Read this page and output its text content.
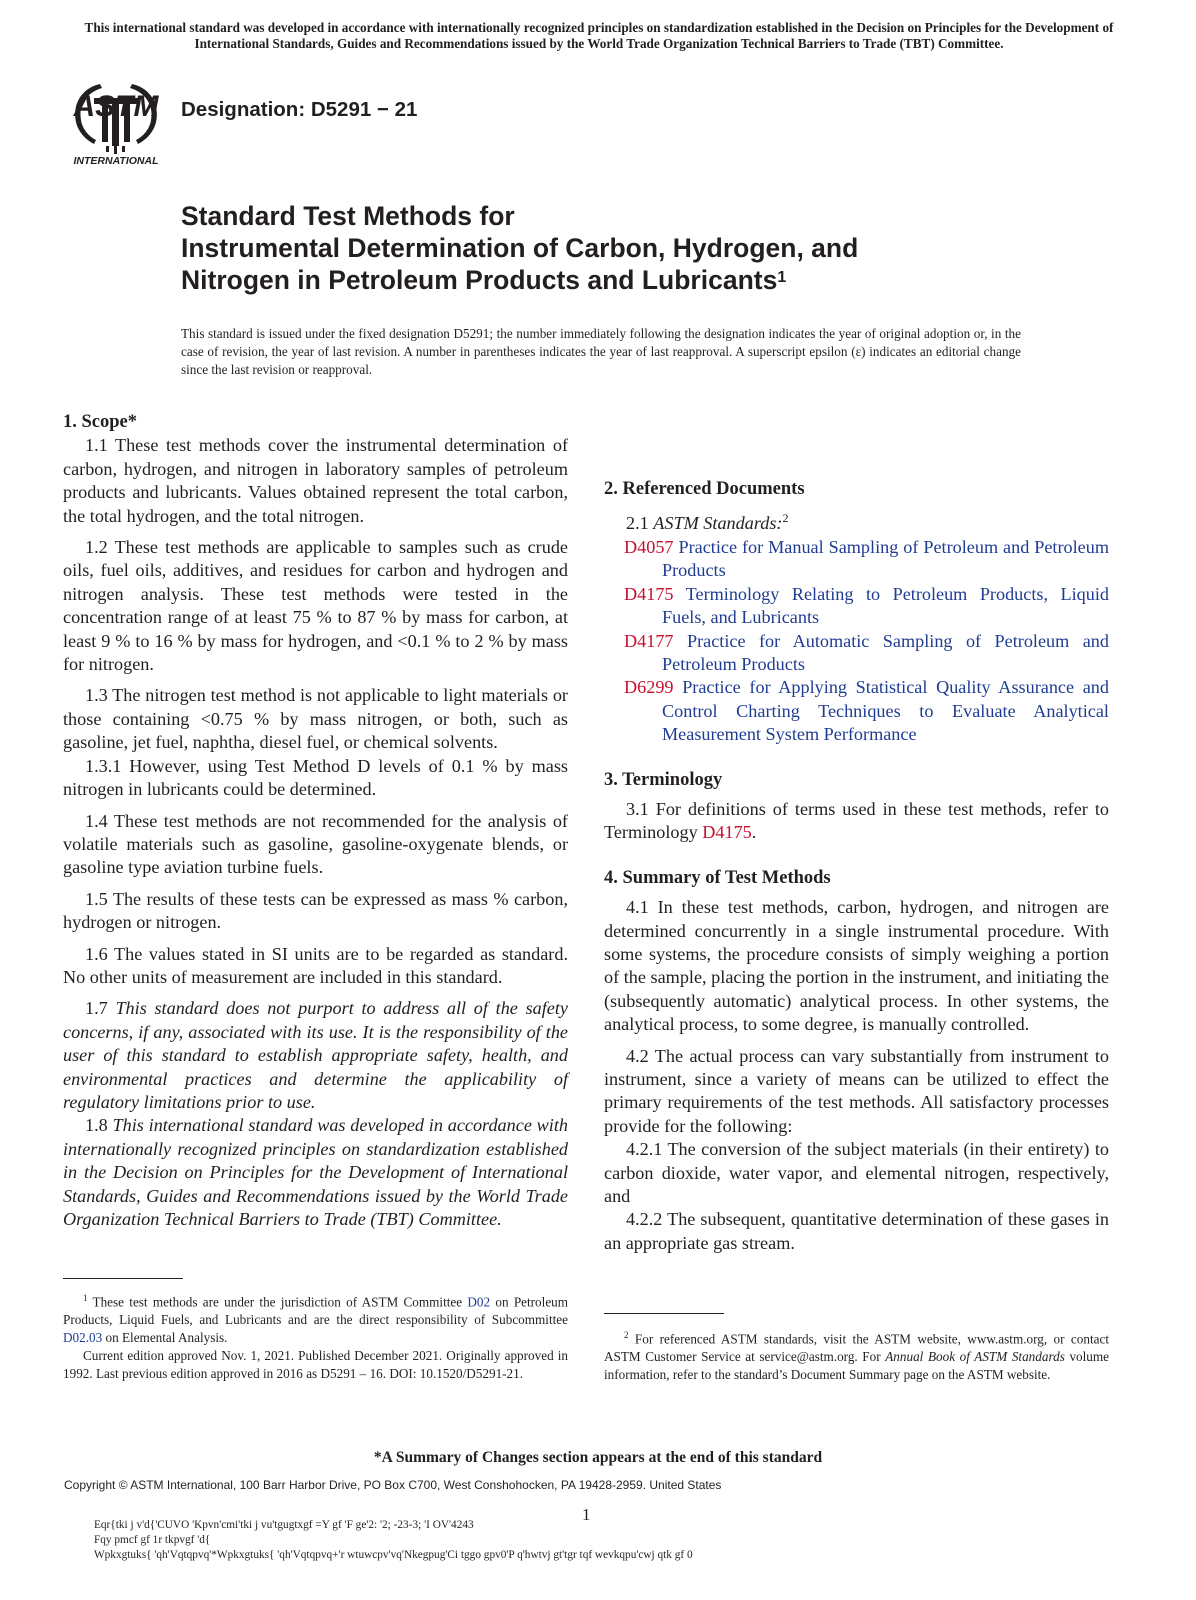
This international standard was developed in accordance with internationally recognized principles on standardization established in the Decision on Principles for the Development of International Standards, Guides and Recommendations issued by the World Trade Organization Technical Barriers to Trade (TBT) Committee.
ASTM
INTERNATIONAL
Designation: D5291 − 21
Standard Test Methods for
Instrumental Determination of Carbon, Hydrogen, and
Nitrogen in Petroleum Products and Lubricants$^1$
This standard is issued under the fixed designation D5291; the number immediately following the designation indicates the year of original adoption or, in the case of revision, the year of last revision. A number in parentheses indicates the year of last reapproval. A superscript epsilon (ε) indicates an editorial change since the last revision or reapproval.

1. Scope*

1.1 These test methods cover the instrumental determination of carbon, hydrogen, and nitrogen in laboratory samples of petroleum products and lubricants. Values obtained represent the total carbon, the total hydrogen, and the total nitrogen.

1.2 These test methods are applicable to samples such as crude oils, fuel oils, additives, and residues for carbon and hydrogen and nitrogen analysis. These test methods were tested in the concentration range of at least 75 % to 87 % by mass for carbon, at least 9 % to 16 % by mass for hydrogen, and <0.1 % to 2 % by mass for nitrogen.

1.3 The nitrogen test method is not applicable to light materials or those containing <0.75 % by mass nitrogen, or both, such as gasoline, jet fuel, naphtha, diesel fuel, or chemical solvents.

1.3.1 However, using Test Method D levels of 0.1 % by mass nitrogen in lubricants could be determined.

1.4 These test methods are not recommended for the analysis of volatile materials such as gasoline, gasoline-oxygenate blends, or gasoline type aviation turbine fuels.

1.5 The results of these tests can be expressed as mass % carbon, hydrogen or nitrogen.

1.6 The values stated in SI units are to be regarded as standard. No other units of measurement are included in this standard.

1.7 This standard does not purport to address all of the safety concerns, if any, associated with its use. It is the responsibility of the user of this standard to establish appropriate safety, health, and environmental practices and determine the applicability of regulatory limitations prior to use.

1.8 This international standard was developed in accordance with internationally recognized principles on standardization established in the Decision on Principles for the Development of International Standards, Guides and Recommendations issued by the World Trade Organization Technical Barriers to Trade (TBT) Committee.

2. Referenced Documents

2.1 ASTM Standards:$^2$

D4057 Practice for Manual Sampling of Petroleum and Petroleum Products

D4175 Terminology Relating to Petroleum Products, Liquid Fuels, and Lubricants

D4177 Practice for Automatic Sampling of Petroleum and Petroleum Products

D6299 Practice for Applying Statistical Quality Assurance and Control Charting Techniques to Evaluate Analytical Measurement System Performance

3. Terminology

3.1 For definitions of terms used in these test methods, refer to Terminology D4175.

4. Summary of Test Methods

4.1 In these test methods, carbon, hydrogen, and nitrogen are determined concurrently in a single instrumental procedure. With some systems, the procedure consists of simply weighing a portion of the sample, placing the portion in the instrument, and initiating the (subsequently automatic) analytical process. In other systems, the analytical process, to some degree, is manually controlled.

4.2 The actual process can vary substantially from instrument to instrument, since a variety of means can be utilized to effect the primary requirements of the test methods. All satisfactory processes provide for the following:

4.2.1 The conversion of the subject materials (in their entirety) to carbon dioxide, water vapor, and elemental nitrogen, respectively, and

4.2.2 The subsequent, quantitative determination of these gases in an appropriate gas stream.

$^1$ These test methods are under the jurisdiction of ASTM Committee D02 on Petroleum Products, Liquid Fuels, and Lubricants and are the direct responsibility of Subcommittee D02.03 on Elemental Analysis.
Current edition approved Nov. 1, 2021. Published December 2021. Originally approved in 1992. Last previous edition approved in 2016 as D5291 – 16. DOI: 10.1520/D5291-21.
$^2$ For referenced ASTM standards, visit the ASTM website, www.astm.org, or contact ASTM Customer Service at service@astm.org. For Annual Book of ASTM Standards volume information, refer to the standard’s Document Summary page on the ASTM website.
*A Summary of Changes section appears at the end of this standard
Copyright © ASTM International, 100 Barr Harbor Drive, PO Box C700, West Conshohocken, PA 19428-2959. United States
1
Eqr{tki j v'd{'CUVO 'Kpvn'cmi'tki j vu'tgugtxgf =Y gf 'F ge'2: '2; -23-3; 'I OV'4243
Fqy pmcf gf 1r tkpvgf 'd{
Wpkxgtuks{ 'qh'Vqtqpvq'*Wpkxgtuks{ 'qh'Vqtqpvq+'r wtuwcpv'vq'Nkegpug'Ci tggo gpv0'P q'hwtvj gt'tgr tqf wevkqpu'cwj qtk gf 0
